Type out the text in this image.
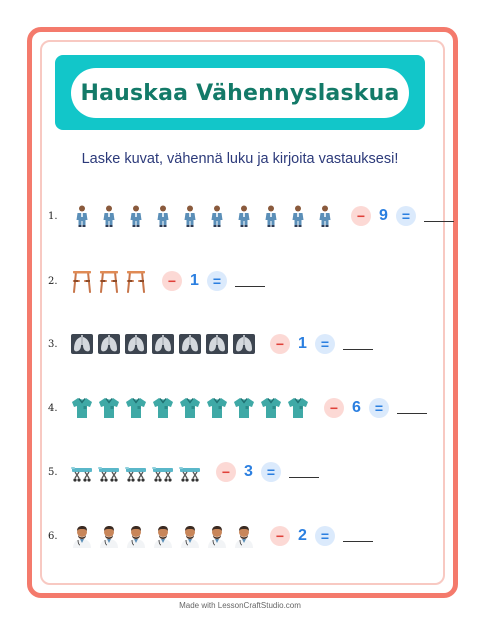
Hauskaa Vähennyslaskua
Laske kuvat, vähennä luku ja kirjoita vastauksesi!
1.	− 9 =
2.	− 1 =
3.	− 1 =
4.	− 6 =
5.	− 3 =
6.	− 2 =
Made with LessonCraftStudio.com
